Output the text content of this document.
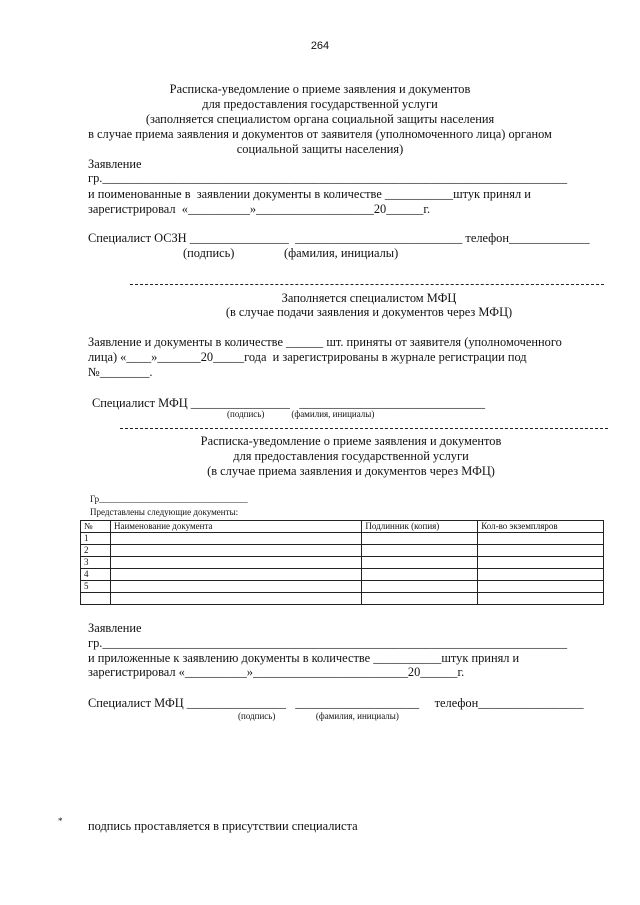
264
Расписка-уведомление о приеме заявления и документов
для предоставления государственной услуги
(заполняется специалистом органа социальной защиты населения
в случае приема заявления и документов от заявителя (уполномоченного лица) органом
социальной защиты населения)
Заявление
гр.___________________________________________________________________________
и поименованные в  заявлении документы в количестве ___________штук принял и
зарегистрировал  «__________»___________________20______г.
Специалист ОСЗН ________________  ___________________________ телефон_____________
(подпись)                (фамилия, инициалы)
Заполняется специалистом МФЦ
(в случае подачи заявления и документов через МФЦ)
Заявление и документы в количестве ______ шт. приняты от заявителя (уполномоченного
лица) «____»_______20_____года  и зарегистрированы в журнале регистрации под
№________.
Специалист МФЦ ________________   ______________________________
(подпись)            (фамилия, инициалы)
Расписка-уведомление о приеме заявления и документов
для предоставления государственной услуги
(в случае приема заявления и документов через МФЦ)
Гр_________________________________
Представлены следующие документы:
№	Наименование документа	Подлинник (копия)	Кол-во экземпляров
1			
2			
3			
4			
5			

Заявление
гр.___________________________________________________________________________
и приложенные к заявлению документы в количестве ___________штук принял и
зарегистрировал «__________»_________________________20______г.
Специалист МФЦ ________________   ____________________     телефон_________________
(подпись)                  (фамилия, инициалы)
* подпись проставляется в присутствии специалиста
